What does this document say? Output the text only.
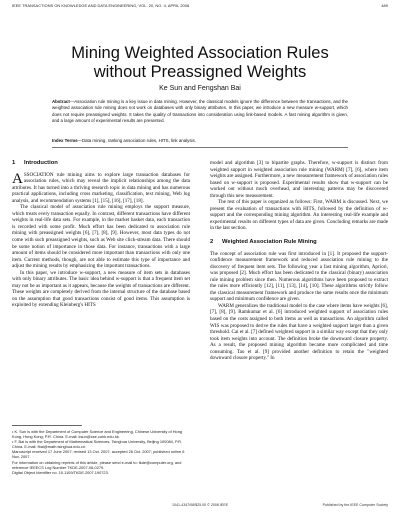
IEEE TRANSACTIONS ON KNOWLEDGE AND DATA ENGINEERING, VOL. 20, NO. 4, APRIL 2008	489
Mining Weighted Association Rules
without Preassigned Weights
Ke Sun and Fengshan Bai
Abstract—Association rule mining is a key issue in data mining. However, the classical models ignore the difference between the transactions, and the weighted association rule mining does not work on databases with only binary attributes. In this paper, we introduce a new measure w-support, which does not require preassigned weights. It takes the quality of transactions into consideration using link-based models. A fast mining algorithm is given, and a large amount of experimental results are presented.
Index Terms—Data mining, ranking association rules, HITS, link analysis.
1 Introduction

ASSOCIATION rule mining aims to explore large transaction databases for association rules, which may reveal the implicit relationships among the data attributes. It has turned into a thriving research topic in data mining and has numerous practical applications, including cross marketing, classification, text mining, Web log analysis, and recommendation systems [1], [15], [16], [17], [18].

The classical model of association rule mining employs the support measure, which treats every transaction equally. In contrast, different transactions have different weights in real-life data sets. For example, in the market basket data, each transaction is recorded with some profit. Much effort has been dedicated to association rule mining with preassigned weights [6], [7], [8], [9]. However, most data types do not come with such preassigned weights, such as Web site click-stream data. There should be some notion of importance in those data. For instance, transactions with a large amount of items should be considered more important than transactions with only one item. Current methods, though, are not able to estimate this type of importance and adjust the mining results by emphasizing the important transactions.

In this paper, we introduce w-support, a new measure of item sets in databases with only binary attributes. The basic idea behind w-support is that a frequent item set may not be as important as it appears, because the weights of transactions are different. These weights are completely derived from the internal structure of the database based on the assumption that good transactions consist of good items. This assumption is exploited by extending Kleinberg's HITS

model and algorithm [3] to bipartite graphs. Therefore, w-support is distinct from weighted support in weighted association rule mining (WARM) [7], [6], where item weights are assigned. Furthermore, a new measurement framework of association rules based on w-support is proposed. Experimental results show that w-support can be worked out without much overhead, and interesting patterns may be discovered through this new measurement.

The rest of this paper is organized as follows: First, WARM is discussed. Next, we present the evaluation of transactions with HITS, followed by the definition of w-support and the corresponding mining algorithm. An interesting real-life example and experimental results on different types of data are given. Concluding remarks are made in the last section.

2 Weighted Association Rule Mining

The concept of association rule was first introduced in [1]. It proposed the support-confidence measurement framework and reduced association rule mining to the discovery of frequent item sets. The following year a fast mining algorithm, Apriori, was proposed [2]. Much effort has been dedicated to the classical (binary) association rule mining problem since then. Numerous algorithms have been proposed to extract the rules more efficiently [12], [11], [13], [14], [10]. These algorithms strictly follow the classical measurement framework and produce the same results once the minimum support and minimum confidence are given.

WARM generalizes the traditional model to the case where items have weights [6], [7], [8], [9]. Ramkumar et al. [6] introduced weighted support of association rules based on the costs assigned to both items as well as transactions. An algorithm called WIS was proposed to derive the rules that have a weighted support larger than a given threshold. Cai et al. [7] defined weighted support in a similar way except that they only took item weights into account. The definition broke the downward closure property. As a result, the proposed mining algorithm became more complicated and time consuming. Tao et al. [9] provided another definition to retain the "weighted downward closure property." In

• K. Sun is with the Department of Computer Science and Engineering, Chinese University of Hong Kong, Hong Kong, P.R. China. E-mail: ksun@cse.cuhk.edu.hk.
• F. Bai is with the Department of Mathematical Sciences, Tsinghua University, Beijing 100084, P.R. China. E-mail: fbai@math.tsinghua.edu.cn.
Manuscript received 17 June 2007; revised 13 Oct. 2007; accepted 26 Oct. 2007; published online 6 Nov. 2007.
For information on obtaining reprints of this article, please send e-mail to: tkde@computer.org, and reference IEEECS Log Number TKDE-2007-06-0279.
Digital Object Identifier no. 10.1109/TKDE.2007.190723.
1041-4347/08/$25.00 © 2008 IEEE	Published by the IEEE Computer Society
